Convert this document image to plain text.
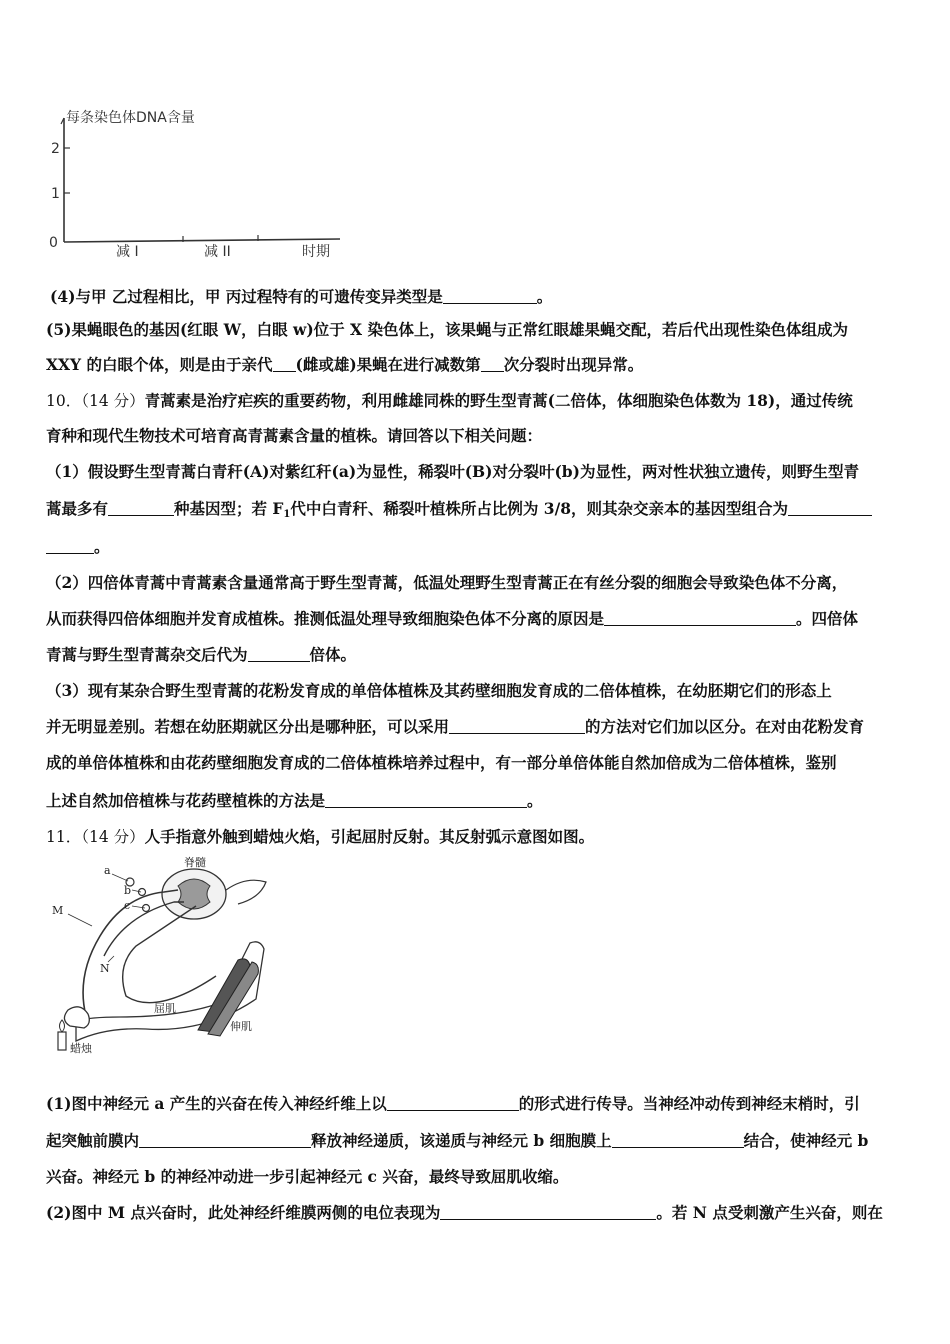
每条染色体DNA含量
2
1
0
减 I	减 II	时期
(4)与甲 乙过程相比，甲 丙过程特有的可遗传变异类型是	。
(5)果蝇眼色的基因(红眼 W，白眼 w)位于 X 染色体上，该果蝇与正常红眼雄果蝇交配，若后代出现性染色体组成为
XXY 的白眼个体，则是由于亲代 (雌或雄)果蝇在进行减数第 次分裂时出现异常。
10．（14 分）青蒿素是治疗疟疾的重要药物，利用雌雄同株的野生型青蒿(二倍体，体细胞染色体数为 18)，通过传统
育种和现代生物技术可培育高青蒿素含量的植株。请回答以下相关问题：
（1）假设野生型青蒿白青秆(A)对紫红秆(a)为显性，稀裂叶(B)对分裂叶(b)为显性，两对性状独立遗传，则野生型青
蒿最多有	种基因型；若 $F_1$代中白青秆、稀裂叶植株所占比例为 3/8，则其杂交亲本的基因型组合为
。
（2）四倍体青蒿中青蒿素含量通常高于野生型青蒿，低温处理野生型青蒿正在有丝分裂的细胞会导致染色体不分离，
从而获得四倍体细胞并发育成植株。推测低温处理导致细胞染色体不分离的原因是	。四倍体
青蒿与野生型青蒿杂交后代为	倍体。
（3）现有某杂合野生型青蒿的花粉发育成的单倍体植株及其药壁细胞发育成的二倍体植株，在幼胚期它们的形态上
并无明显差别。若想在幼胚期就区分出是哪种胚，可以采用	的方法对它们加以区分。在对由花粉发育
成的单倍体植株和由花药壁细胞发育成的二倍体植株培养过程中，有一部分单倍体能自然加倍成为二倍体植株，鉴别
上述自然加倍植株与花药壁植株的方法是	。
11．（14 分）人手指意外触到蜡烛火焰，引起屈肘反射。其反射弧示意图如图。
脊髓
a
b
c
M
N
屈肌
伸肌
蜡烛
(1)图中神经元 a 产生的兴奋在传入神经纤维上以	的形式进行传导。当神经冲动传到神经末梢时，引
起突触前膜内	释放神经递质，该递质与神经元 b 细胞膜上	结合，使神经元 b
兴奋。神经元 b 的神经冲动进一步引起神经元 c 兴奋，最终导致屈肌收缩。
(2)图中 M 点兴奋时，此处神经纤维膜两侧的电位表现为	。若 N 点受刺激产生兴奋，则在
